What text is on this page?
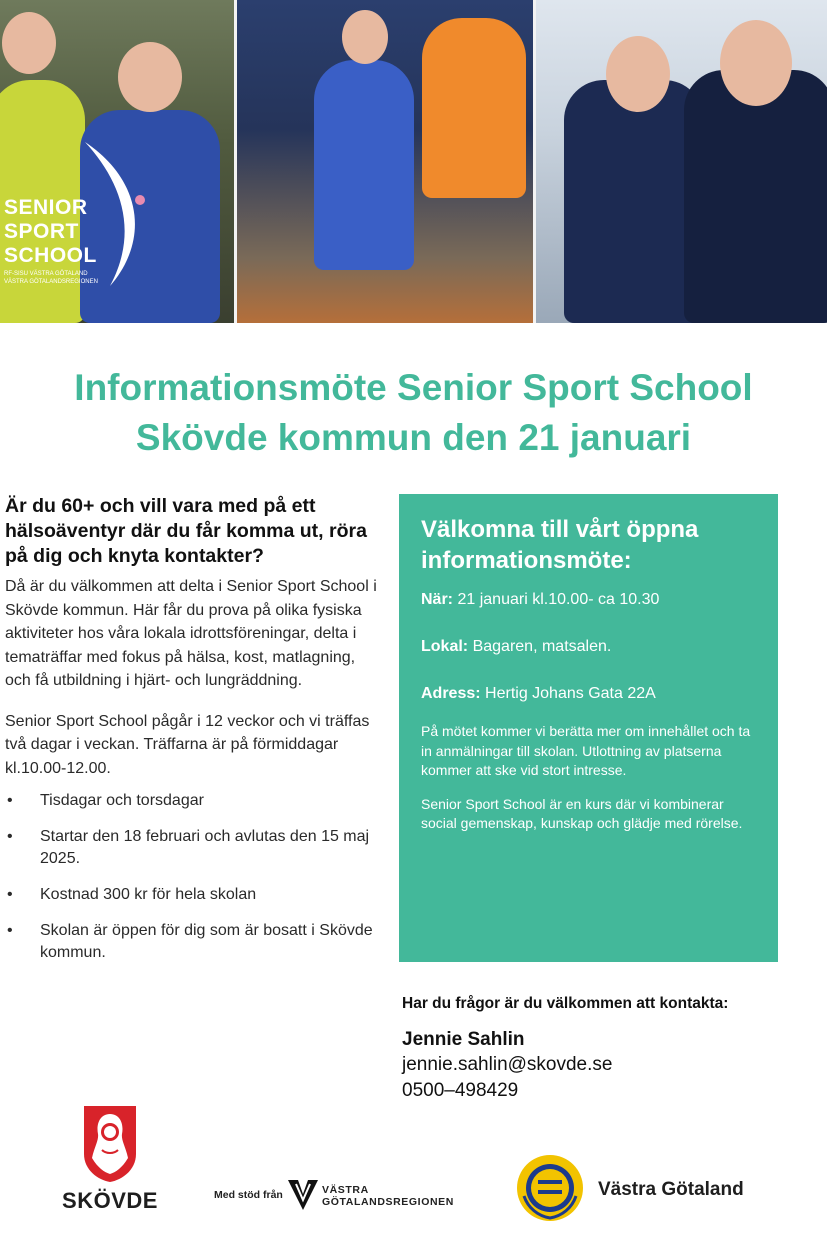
SENIOR
SPORT
SCHOOL
RF-SISU VÄSTRA GÖTALAND
VÄSTRA GÖTALANDSREGIONEN
Informationsmöte Senior Sport School
Skövde kommun den 21 januari
Är du 60+ och vill vara med på ett hälsoäventyr där du får komma ut, röra på dig och knyta kontakter?

Då är du välkommen att delta i Senior Sport School i Skövde kommun. Här får du prova på olika fysiska aktiviteter hos våra lokala idrottsföreningar, delta i tematräffar med fokus på hälsa, kost, matlagning, och få utbildning i hjärt- och lungräddning.

Senior Sport School pågår i 12 veckor och vi träffas två dagar i veckan. Träffarna är på förmiddagar kl.10.00-12.00.

• Tisdagar och torsdagar
• Startar den 18 februari och avlutas den 15 maj 2025.
• Kostnad 300 kr för hela skolan
• Skolan är öppen för dig som är bosatt i Skövde kommun.
Välkomna till vårt öppna informationsmöte:
När: 21 januari kl.10.00- ca 10.30
Lokal: Bagaren, matsalen.
Adress: Hertig Johans Gata 22A

På mötet kommer vi berätta mer om innehållet och ta in anmälningar till skolan. Utlottning av platserna kommer att ske vid stort intresse.

Senior Sport School är en kurs där vi kombinerar social gemenskap, kunskap och glädje med rörelse.

Har du frågor är du välkommen att kontakta:
Jennie Sahlin
jennie.sahlin@skovde.se
0500–498429
SKÖVDE	Med stöd från	VÄSTRA
GÖTALANDSREGIONEN
Västra Götaland
